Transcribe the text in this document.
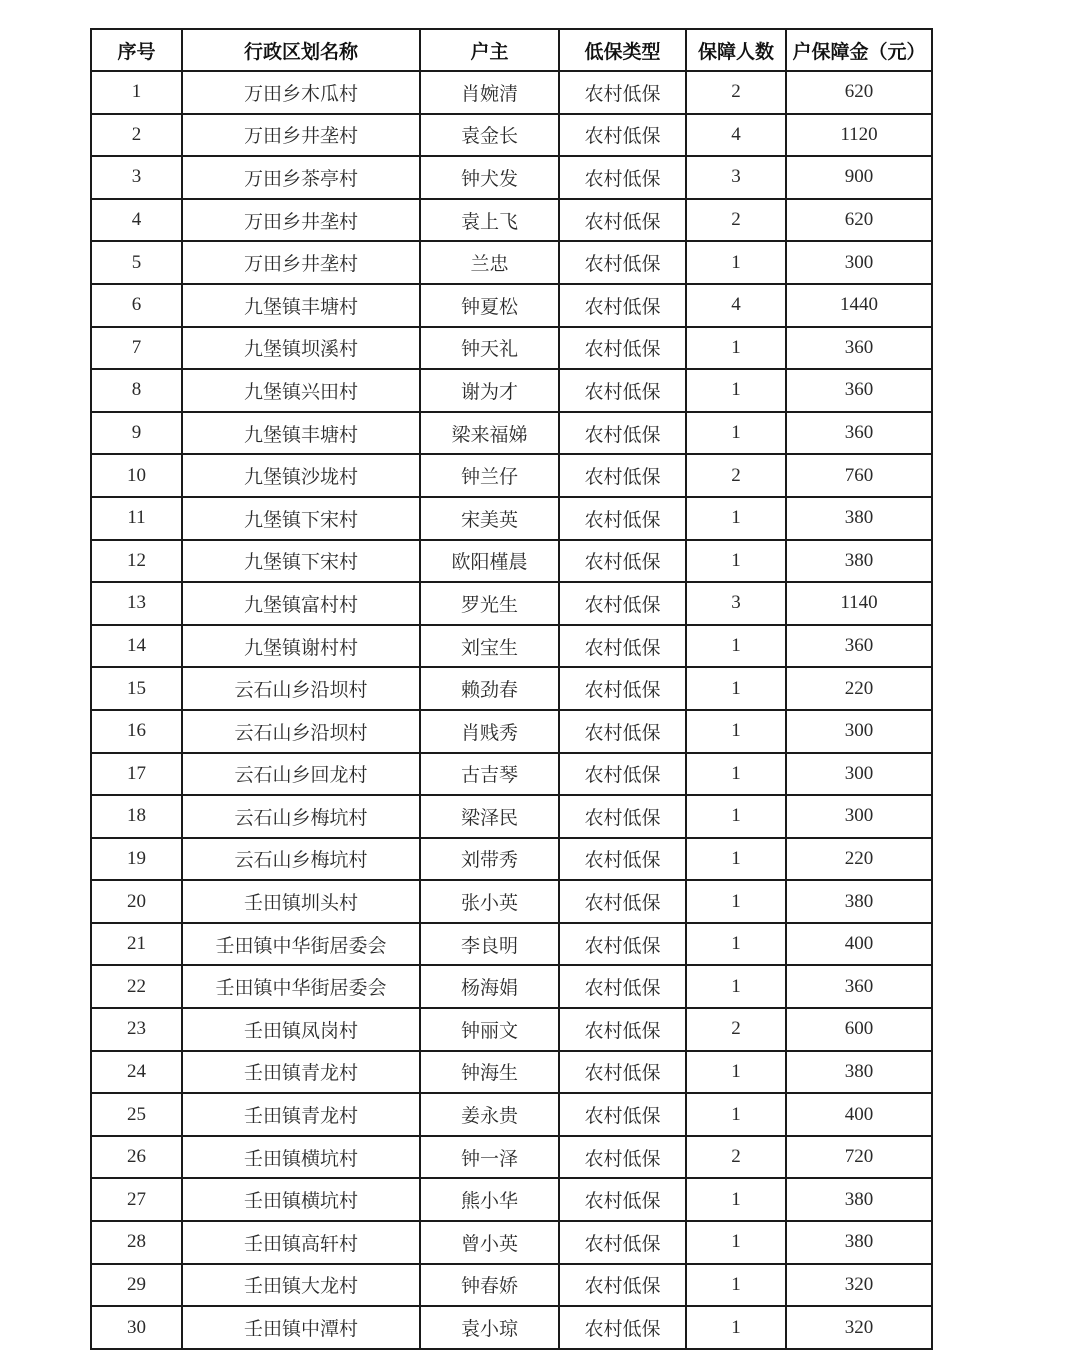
序号	行政区划名称	户主	低保类型	保障人数	户保障金（元）
1	万田乡木瓜村	肖婉清	农村低保	2	620
2	万田乡井垄村	袁金长	农村低保	4	1120
3	万田乡茶亭村	钟犬发	农村低保	3	900
4	万田乡井垄村	袁上飞	农村低保	2	620
5	万田乡井垄村	兰忠	农村低保	1	300
6	九堡镇丰塘村	钟夏松	农村低保	4	1440
7	九堡镇坝溪村	钟天礼	农村低保	1	360
8	九堡镇兴田村	谢为才	农村低保	1	360
9	九堡镇丰塘村	梁来福娣	农村低保	1	360
10	九堡镇沙垅村	钟兰仔	农村低保	2	760
11	九堡镇下宋村	宋美英	农村低保	1	380
12	九堡镇下宋村	欧阳槿晨	农村低保	1	380
13	九堡镇富村村	罗光生	农村低保	3	1140
14	九堡镇谢村村	刘宝生	农村低保	1	360
15	云石山乡沿坝村	赖劲春	农村低保	1	220
16	云石山乡沿坝村	肖贱秀	农村低保	1	300
17	云石山乡回龙村	古吉琴	农村低保	1	300
18	云石山乡梅坑村	梁泽民	农村低保	1	300
19	云石山乡梅坑村	刘带秀	农村低保	1	220
20	壬田镇圳头村	张小英	农村低保	1	380
21	壬田镇中华街居委会	李良明	农村低保	1	400
22	壬田镇中华街居委会	杨海娟	农村低保	1	360
23	壬田镇凤岗村	钟丽文	农村低保	2	600
24	壬田镇青龙村	钟海生	农村低保	1	380
25	壬田镇青龙村	姜永贵	农村低保	1	400
26	壬田镇横坑村	钟一泽	农村低保	2	720
27	壬田镇横坑村	熊小华	农村低保	1	380
28	壬田镇高轩村	曾小英	农村低保	1	380
29	壬田镇大龙村	钟春娇	农村低保	1	320
30	壬田镇中潭村	袁小琼	农村低保	1	320
